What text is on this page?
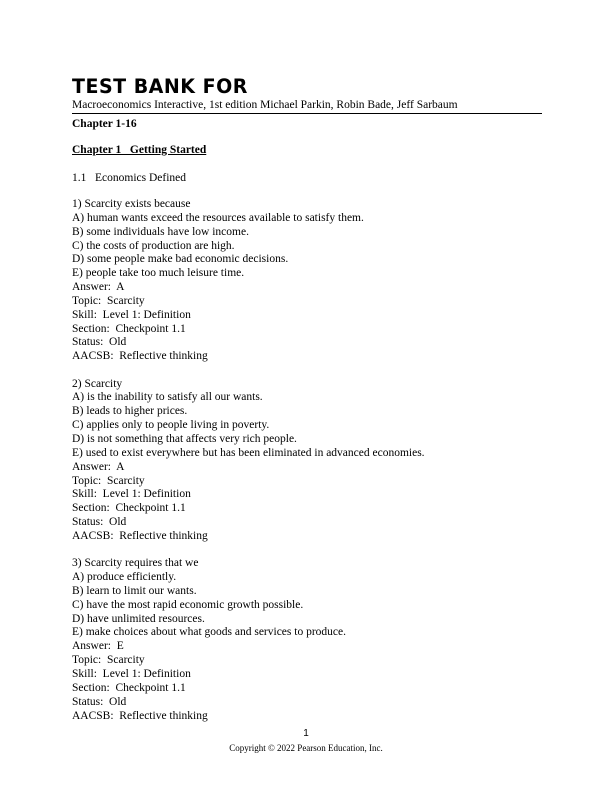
TEST BANK FOR
Macroeconomics Interactive, 1st edition Michael Parkin, Robin Bade, Jeff Sarbaum
Chapter 1-16
Chapter 1   Getting Started
1.1   Economics Defined
1) Scarcity exists because
A) human wants exceed the resources available to satisfy them.
B) some individuals have low income.
C) the costs of production are high.
D) some people make bad economic decisions.
E) people take too much leisure time.
Answer:  A
Topic:  Scarcity
Skill:  Level 1: Definition
Section:  Checkpoint 1.1
Status:  Old
AACSB:  Reflective thinking
2) Scarcity
A) is the inability to satisfy all our wants.
B) leads to higher prices.
C) applies only to people living in poverty.
D) is not something that affects very rich people.
E) used to exist everywhere but has been eliminated in advanced economies.
Answer:  A
Topic:  Scarcity
Skill:  Level 1: Definition
Section:  Checkpoint 1.1
Status:  Old
AACSB:  Reflective thinking
3) Scarcity requires that we
A) produce efficiently.
B) learn to limit our wants.
C) have the most rapid economic growth possible.
D) have unlimited resources.
E) make choices about what goods and services to produce.
Answer:  E
Topic:  Scarcity
Skill:  Level 1: Definition
Section:  Checkpoint 1.1
Status:  Old
AACSB:  Reflective thinking
1
Copyright © 2022 Pearson Education, Inc.
